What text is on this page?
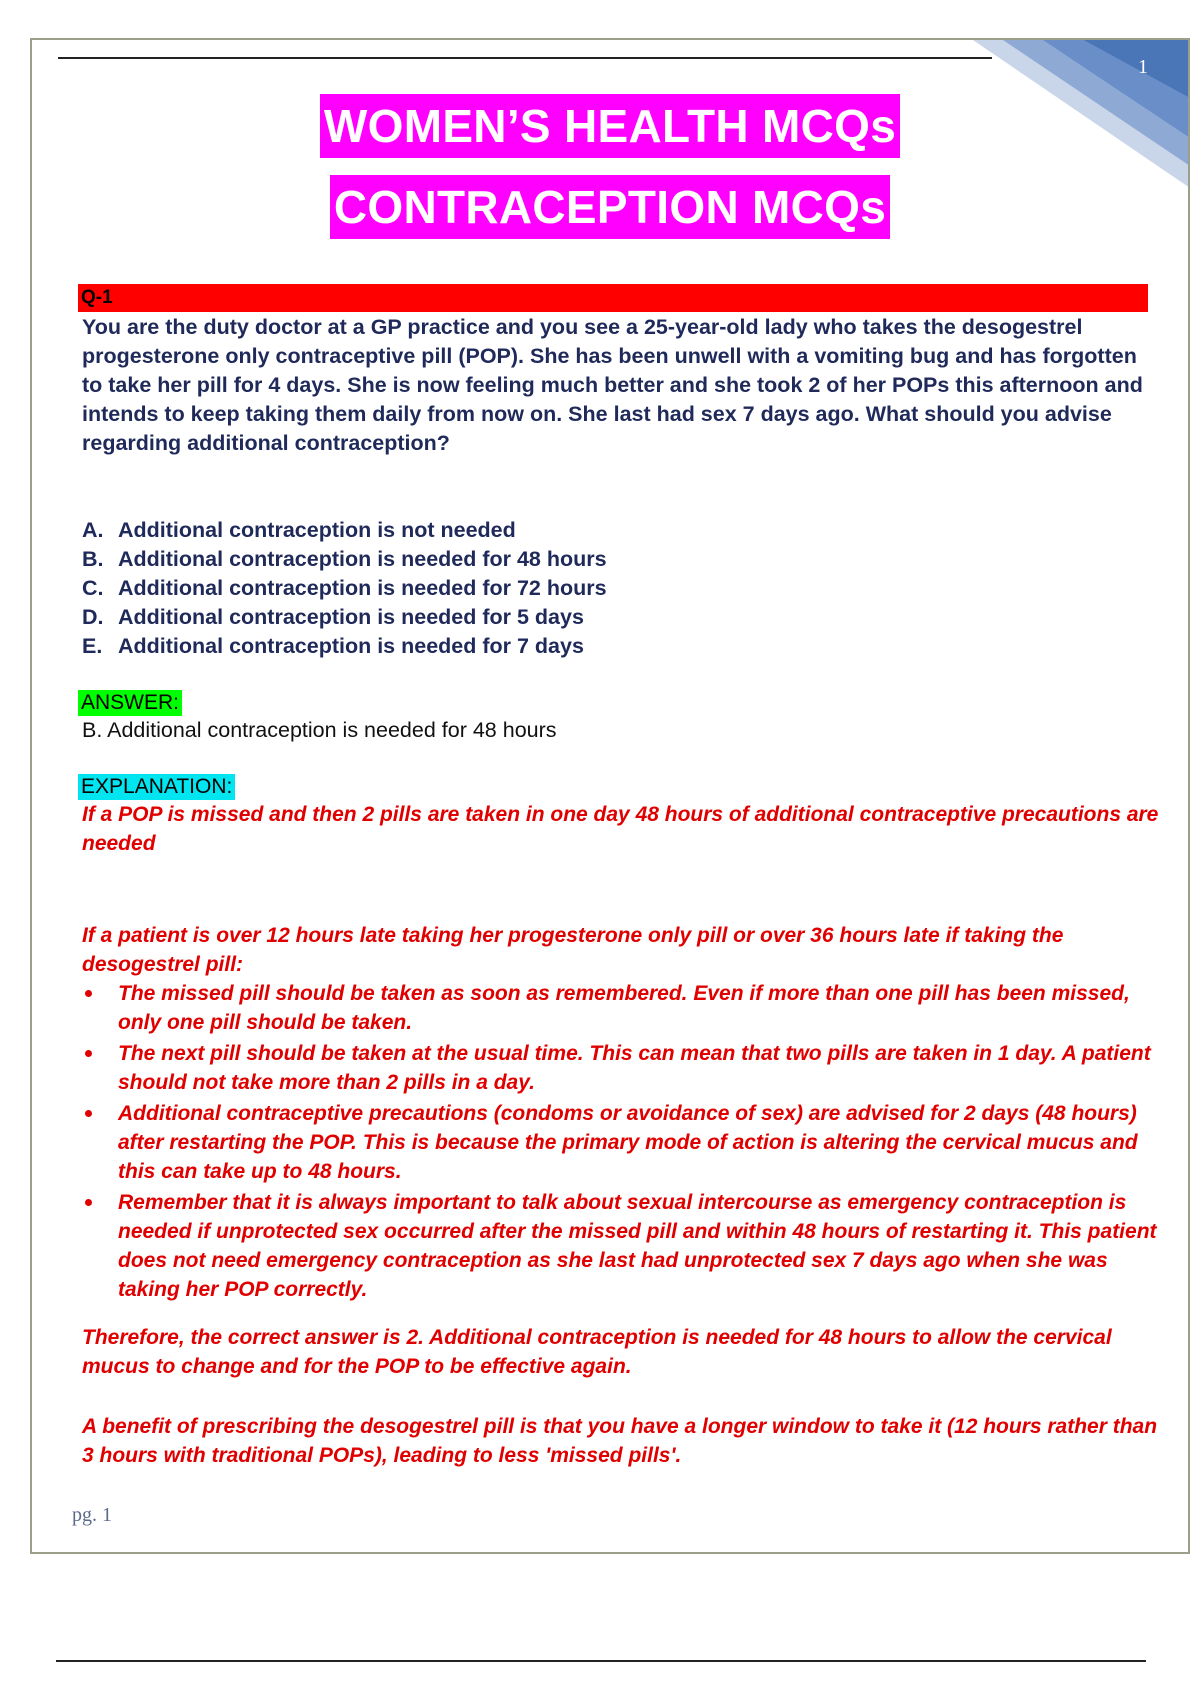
1
WOMEN’S HEALTH MCQs
CONTRACEPTION MCQs
Q-1
You are the duty doctor at a GP practice and you see a 25-year-old lady who takes the desogestrel progesterone only contraceptive pill (POP). She has been unwell with a vomiting bug and has forgotten to take her pill for 4 days. She is now feeling much better and she took 2 of her POPs this afternoon and intends to keep taking them daily from now on. She last had sex 7 days ago. What should you advise regarding additional contraception?
A. Additional contraception is not needed
B. Additional contraception is needed for 48 hours
C. Additional contraception is needed for 72 hours
D. Additional contraception is needed for 5 days
E. Additional contraception is needed for 7 days
ANSWER:
B. Additional contraception is needed for 48 hours
EXPLANATION:

If a POP is missed and then 2 pills are taken in one day 48 hours of additional contraceptive precautions are needed

If a patient is over 12 hours late taking her progesterone only pill or over 36 hours late if taking the desogestrel pill:

The missed pill should be taken as soon as remembered. Even if more than one pill has been missed, only one pill should be taken.
The next pill should be taken at the usual time. This can mean that two pills are taken in 1 day. A patient should not take more than 2 pills in a day.
Additional contraceptive precautions (condoms or avoidance of sex) are advised for 2 days (48 hours) after restarting the POP. This is because the primary mode of action is altering the cervical mucus and this can take up to 48 hours.
Remember that it is always important to talk about sexual intercourse as emergency contraception is needed if unprotected sex occurred after the missed pill and within 48 hours of restarting it. This patient does not need emergency contraception as she last had unprotected sex 7 days ago when she was taking her POP correctly.

Therefore, the correct answer is 2. Additional contraception is needed for 48 hours to allow the cervical mucus to change and for the POP to be effective again.

A benefit of prescribing the desogestrel pill is that you have a longer window to take it (12 hours rather than 3 hours with traditional POPs), leading to less 'missed pills'.

pg. 1
